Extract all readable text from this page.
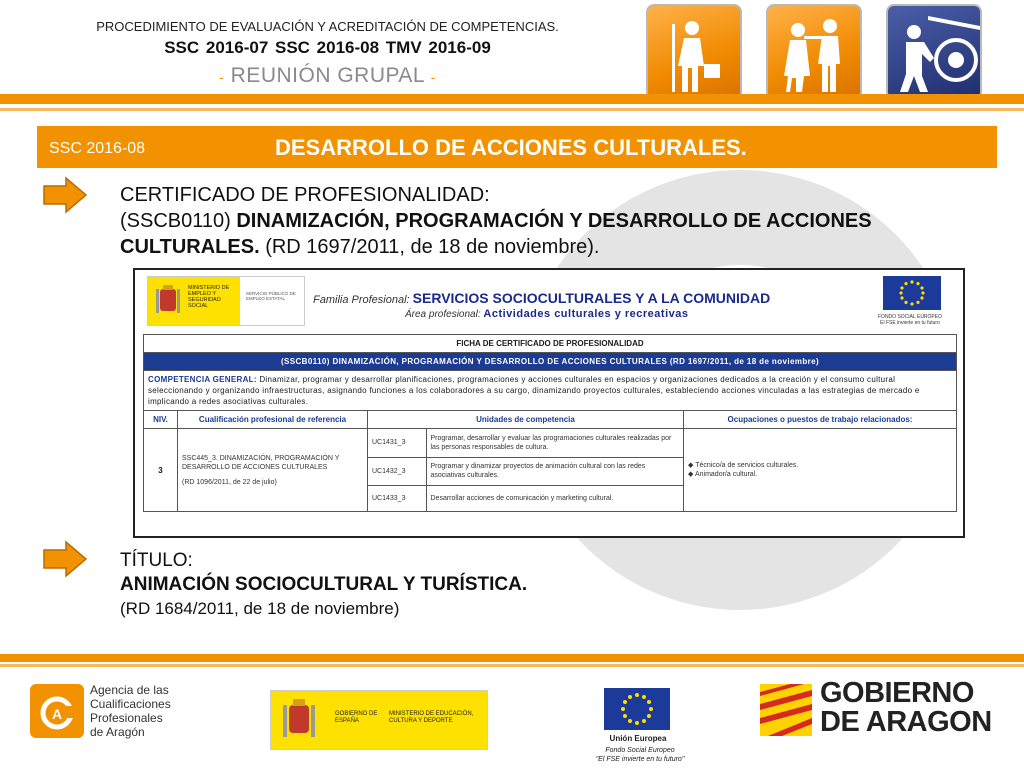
PROCEDIMIENTO DE EVALUACIÓN Y ACREDITACIÓN DE COMPETENCIAS.
SSC 2016-07 SSC 2016-08 TMV 2016-09
- REUNIÓN GRUPAL -
SSC 2016-08	DESARROLLO DE ACCIONES CULTURALES.
CERTIFICADO DE PROFESIONALIDAD:
(SSCB0110) DINAMIZACIÓN, PROGRAMACIÓN Y DESARROLLO DE ACCIONES
CULTURALES. (RD 1697/2011, de 18 de noviembre).
MINISTERIO DE EMPLEO Y SEGURIDAD SOCIAL
SERVICIO PÚBLICO DE EMPLEO ESTATAL	Familia Profesional: SERVICIOS SOCIOCULTURALES Y A LA COMUNIDAD
Área profesional: Actividades culturales y recreativas	FONDO SOCIAL EUROPEO
El FSE invierte en tu futuro
FICHA DE CERTIFICADO DE PROFESIONALIDAD
(SSCB0110) DINAMIZACIÓN, PROGRAMACIÓN Y DESARROLLO DE ACCIONES CULTURALES (RD 1697/2011, de 18 de noviembre)
COMPETENCIA GENERAL: Dinamizar, programar y desarrollar planificaciones, programaciones y acciones culturales en espacios y organizaciones dedicados a la creación y el consumo cultural seleccionando y organizando infraestructuras, asignando funciones a los colaboradores a su cargo, dinamizando proyectos culturales, estableciendo acciones vinculadas a las estrategias de mercado e implicando a redes asociativas culturales.
NIV.	Cualificación profesional de referencia	Unidades de competencia	Ocupaciones o puestos de trabajo relacionados:
3	
SSC445_3. DINAMIZACIÓN, PROGRAMACIÓN Y DESARROLLO DE ACCIONES CULTURALES
(RD 1096/2011, de 22 de julio)

UC1431_3	Programar, desarrollar y evaluar las programaciones culturales realizadas por las personas responsables de cultura.
UC1432_3	Programar y dinamizar proyectos de animación cultural con las redes asociativas culturales.
UC1433_3	Desarrollar acciones de comunicación y marketing cultural.

◆ Técnico/a de servicios culturales.
◆ Animador/a cultural.
TÍTULO:
ANIMACIÓN SOCIOCULTURAL Y TURÍSTICA.
(RD 1684/2011, de 18 de noviembre)
A
Agencia de las
Cualificaciones
Profesionales
de Aragón
GOBIERNO DE ESPAÑA
MINISTERIO DE EDUCACIÓN, CULTURA Y DEPORTE
Unión Europea
Fondo Social Europeo
"El FSE invierte en tu futuro"
GOBIERNO
DE ARAGON
